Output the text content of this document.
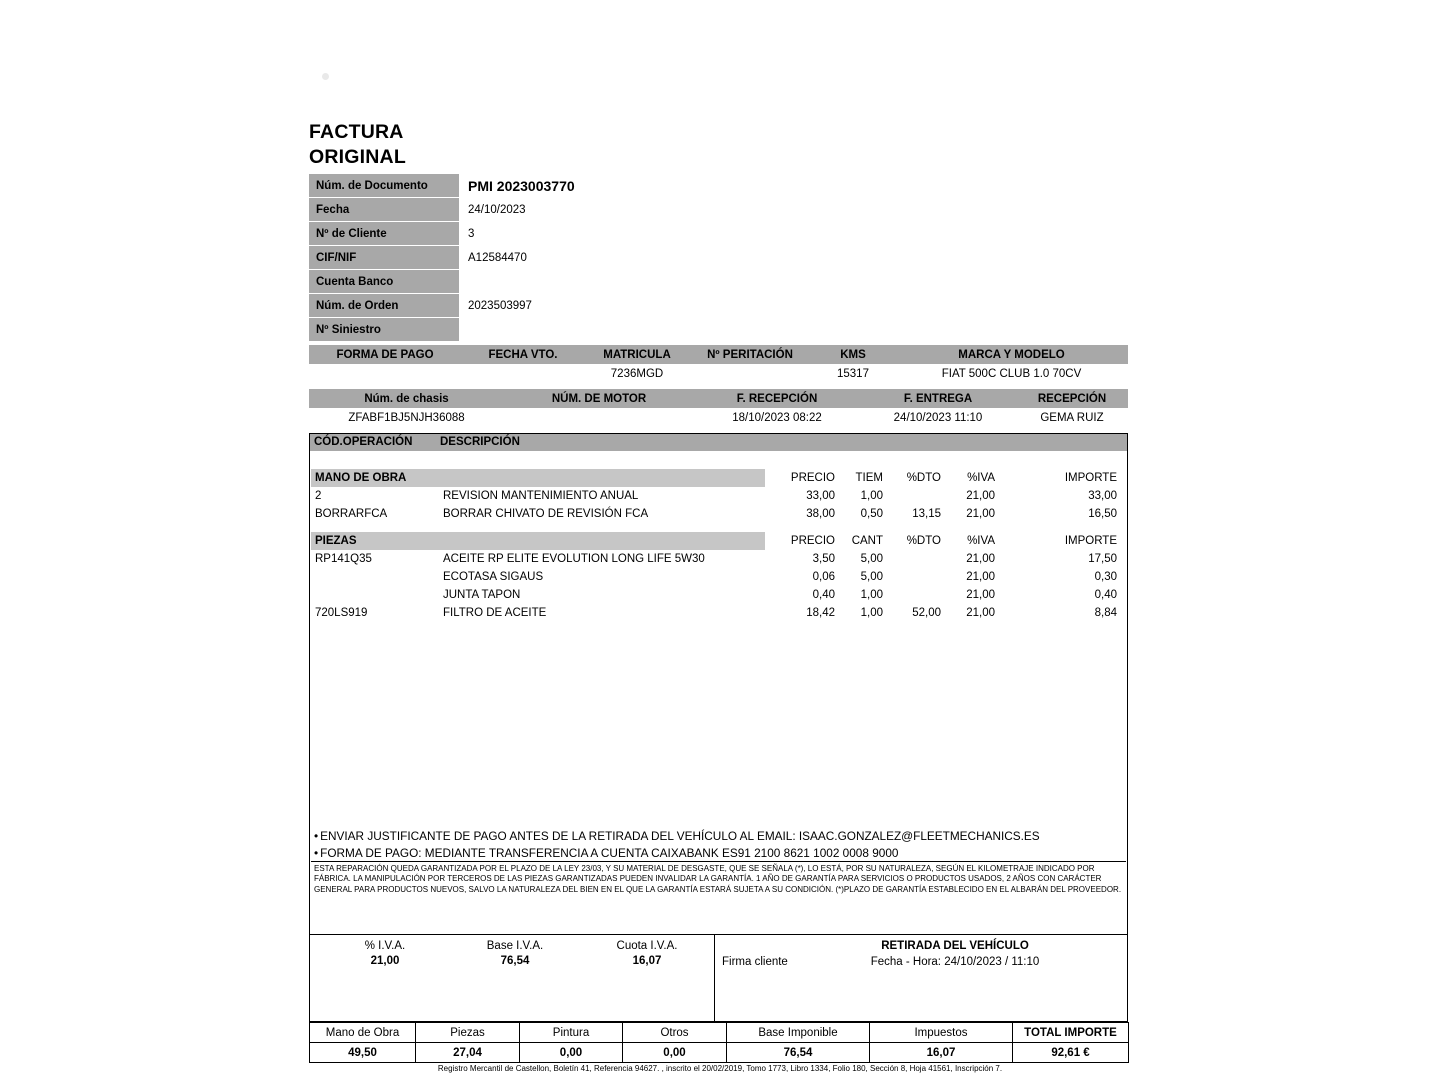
FACTURA
ORIGINAL
Núm. de Documento	PMI 2023003770
Fecha	24/10/2023
Nº de Cliente	3
CIF/NIF	A12584470
Cuenta Banco	
Núm. de Orden	2023503997
Nº Siniestro	
FORMA DE PAGO	FECHA VTO.	MATRICULA	Nº PERITACIÓN	KMS	MARCA Y MODELO
		7236MGD		15317	FIAT 500C CLUB 1.0 70CV
Núm. de chasis	NÚM. DE MOTOR	F. RECEPCIÓN	F. ENTREGA	RECEPCIÓN
ZFABF1BJ5NJH36088		18/10/2023 08:22	24/10/2023 11:10	GEMA RUIZ
CÓD.OPERACIÓN DESCRIPCIÓN
MANO DE OBRA		PRECIO	TIEM	%DTO	%IVA	IMPORTE
2	REVISION MANTENIMIENTO ANUAL	33,00	1,00		21,00	33,00
BORRARFCA	BORRAR CHIVATO DE REVISIÓN FCA	38,00	0,50	13,15	21,00	16,50

PIEZAS		PRECIO	CANT	%DTO	%IVA	IMPORTE
RP141Q35	ACEITE RP ELITE EVOLUTION LONG LIFE 5W30	3,50	5,00		21,00	17,50
	ECOTASA SIGAUS	0,06	5,00		21,00	0,30
	JUNTA TAPON	0,40	1,00		21,00	0,40
720LS919	FILTRO DE ACEITE	18,42	1,00	52,00	21,00	8,84
• ENVIAR JUSTIFICANTE DE PAGO ANTES DE LA RETIRADA DEL VEHÍCULO AL EMAIL: ISAAC.GONZALEZ@FLEETMECHANICS.ES
• FORMA DE PAGO: MEDIANTE TRANSFERENCIA A CUENTA CAIXABANK ES91 2100 8621 1002 0008 9000
ESTA REPARACIÓN QUEDA GARANTIZADA POR EL PLAZO DE LA LEY 23/03, Y SU MATERIAL DE DESGASTE, QUE SE SEÑALA (*), LO ESTÁ, POR SU NATURALEZA, SEGÚN EL KILOMETRAJE INDICADO POR FÁBRICA. LA MANIPULACIÓN POR TERCEROS DE LAS PIEZAS GARANTIZADAS PUEDEN INVALIDAR LA GARANTÍA. 1 AÑO DE GARANTÍA PARA SERVICIOS O PRODUCTOS USADOS, 2 AÑOS CON CARÁCTER GENERAL PARA PRODUCTOS NUEVOS, SALVO LA NATURALEZA DEL BIEN EN EL QUE LA GARANTÍA ESTARÁ SUJETA A SU CONDICIÓN. (*)PLAZO DE GARANTÍA ESTABLECIDO EN EL ALBARÁN DEL PROVEEDOR.
% I.V.A.
21,00
Base I.V.A.
76,54
Cuota I.V.A.
16,07	Firma cliente
RETIRADA DEL VEHÍCULO
Fecha - Hora: 24/10/2023 / 11:10
Mano de Obra	Piezas	Pintura	Otros	Base Imponible	Impuestos	TOTAL IMPORTE
49,50	27,04	0,00	0,00	76,54	16,07	92,61 €
Registro Mercantil de Castellon, Boletín 41, Referencia 94627. , inscrito el 20/02/2019, Tomo 1773, Libro 1334, Folio 180, Sección 8, Hoja 41561, Inscripción 7.
